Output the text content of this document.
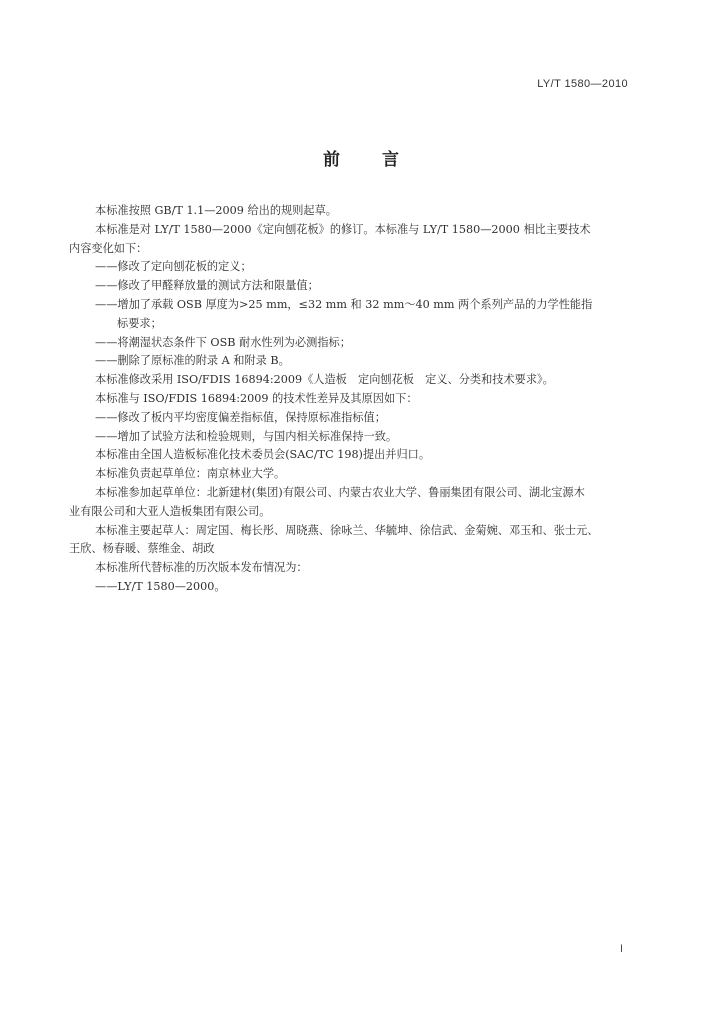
LY/T 1580—2010
前言

本标准按照 GB/T 1.1—2009 给出的规则起草。

本标准是对 LY/T 1580—2000《定向刨花板》的修订。本标准与 LY/T 1580—2000 相比主要技术

内容变化如下：

——修改了定向刨花板的定义；

——修改了甲醛释放量的测试方法和限量值；

——增加了承载 OSB 厚度为>25 mm，≤32 mm 和 32 mm～40 mm 两个系列产品的力学性能指

标要求；

——将潮湿状态条件下 OSB 耐水性列为必测指标；

——删除了原标准的附录 A 和附录 B。

本标准修改采用 ISO/FDIS 16894:2009《人造板　定向刨花板　定义、分类和技术要求》。

本标准与 ISO/FDIS 16894:2009 的技术性差异及其原因如下：

——修改了板内平均密度偏差指标值，保持原标准指标值；

——增加了试验方法和检验规则，与国内相关标准保持一致。

本标准由全国人造板标准化技术委员会(SAC/TC 198)提出并归口。

本标准负责起草单位：南京林业大学。

本标准参加起草单位：北新建材(集团)有限公司、内蒙古农业大学、鲁丽集团有限公司、湖北宝源木

业有限公司和大亚人造板集团有限公司。

本标准主要起草人：周定国、梅长彤、周晓燕、徐咏兰、华毓坤、徐信武、金菊婉、邓玉和、张士元、

王欣、杨春暖、蔡维金、胡政

本标准所代替标准的历次版本发布情况为：

——LY/T 1580—2000。

Ⅰ
